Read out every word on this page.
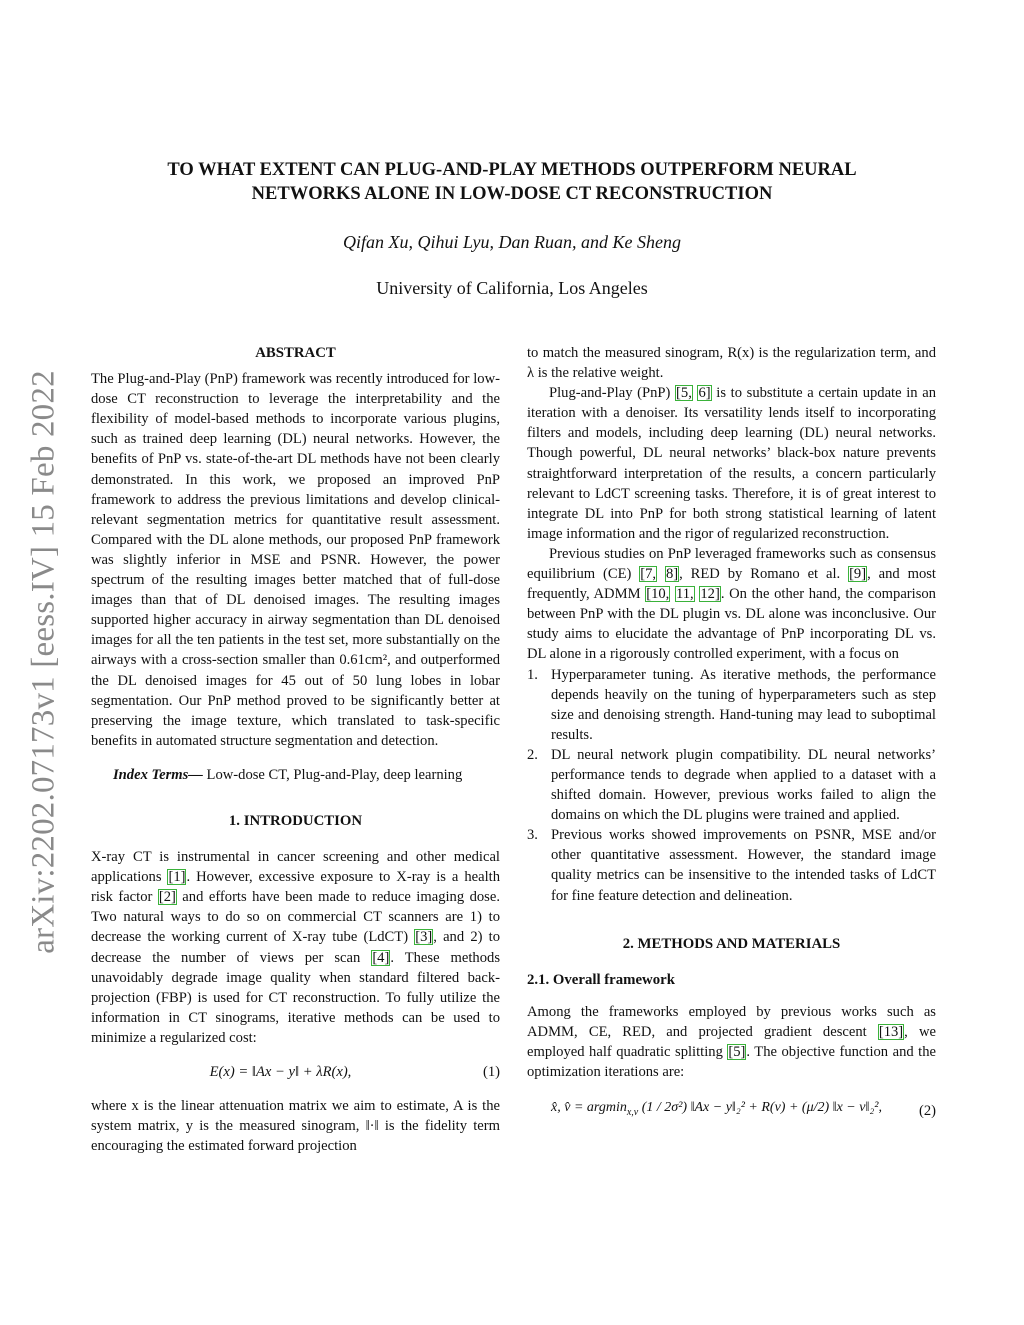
arXiv:2202.07173v1 [eess.IV] 15 Feb 2022
TO WHAT EXTENT CAN PLUG-AND-PLAY METHODS OUTPERFORM NEURAL
NETWORKS ALONE IN LOW-DOSE CT RECONSTRUCTION
Qifan Xu, Qihui Lyu, Dan Ruan, and Ke Sheng
University of California, Los Angeles

ABSTRACT

The Plug-and-Play (PnP) framework was recently introduced for low-dose CT reconstruction to leverage the interpretability and the flexibility of model-based methods to incorporate various plugins, such as trained deep learning (DL) neural networks. However, the benefits of PnP vs. state-of-the-art DL methods have not been clearly demonstrated. In this work, we proposed an improved PnP framework to address the previous limitations and develop clinical-relevant segmentation metrics for quantitative result assessment. Compared with the DL alone methods, our proposed PnP framework was slightly inferior in MSE and PSNR. However, the power spectrum of the resulting images better matched that of full-dose images than that of DL denoised images. The resulting images supported higher accuracy in airway segmentation than DL denoised images for all the ten patients in the test set, more substantially on the airways with a cross-section smaller than 0.61cm², and outperformed the DL denoised images for 45 out of 50 lung lobes in lobar segmentation. Our PnP method proved to be significantly better at preserving the image texture, which translated to task-specific benefits in automated structure segmentation and detection.

Index Terms— Low-dose CT, Plug-and-Play, deep learning

1. INTRODUCTION

X-ray CT is instrumental in cancer screening and other medical applications [1]. However, excessive exposure to X-ray is a health risk factor [2] and efforts have been made to reduce imaging dose. Two natural ways to do so on commercial CT scanners are 1) to decrease the working current of X-ray tube (LdCT) [3], and 2) to decrease the number of views per scan [4]. These methods unavoidably degrade image quality when standard filtered back-projection (FBP) is used for CT reconstruction. To fully utilize the information in CT sinograms, iterative methods can be used to minimize a regularized cost:

E(x) = ‖Ax − y‖ + λR(x),	(1)

where x is the linear attenuation matrix we aim to estimate, A is the system matrix, y is the measured sinogram, ‖·‖ is the fidelity term encouraging the estimated forward projection

to match the measured sinogram, R(x) is the regularization term, and λ is the relative weight.

Plug-and-Play (PnP) [5, 6] is to substitute a certain update in an iteration with a denoiser. Its versatility lends itself to incorporating filters and models, including deep learning (DL) neural networks. Though powerful, DL neural networks’ black-box nature prevents straightforward interpretation of the results, a concern particularly relevant to LdCT screening tasks. Therefore, it is of great interest to integrate DL into PnP for both strong statistical learning of latent image information and the rigor of regularized reconstruction.

Previous studies on PnP leveraged frameworks such as consensus equilibrium (CE) [7, 8], RED by Romano et al. [9], and most frequently, ADMM [10, 11, 12]. On the other hand, the comparison between PnP with the DL plugin vs. DL alone was inconclusive. Our study aims to elucidate the advantage of PnP incorporating DL vs. DL alone in a rigorously controlled experiment, with a focus on

1. Hyperparameter tuning. As iterative methods, the performance depends heavily on the tuning of hyperparameters such as step size and denoising strength. Hand-tuning may lead to suboptimal results.
2. DL neural network plugin compatibility. DL neural networks’ performance tends to degrade when applied to a dataset with a shifted domain. However, previous works failed to align the domains on which the DL plugins were trained and applied.
3. Previous works showed improvements on PSNR, MSE and/or other quantitative assessment. However, the standard image quality metrics can be insensitive to the intended tasks of LdCT for fine feature detection and delineation.

2. METHODS AND MATERIALS

2.1. Overall framework

Among the frameworks employed by previous works such as ADMM, CE, RED, and projected gradient descent [13], we employed half quadratic splitting [5]. The objective function and the optimization iterations are:

x̂, v̂ = argmin$_{x,v}$ (1 / 2σ²) ‖Ax − y‖₂² + R(v) + (μ/2) ‖x − v‖₂²,	(2)
